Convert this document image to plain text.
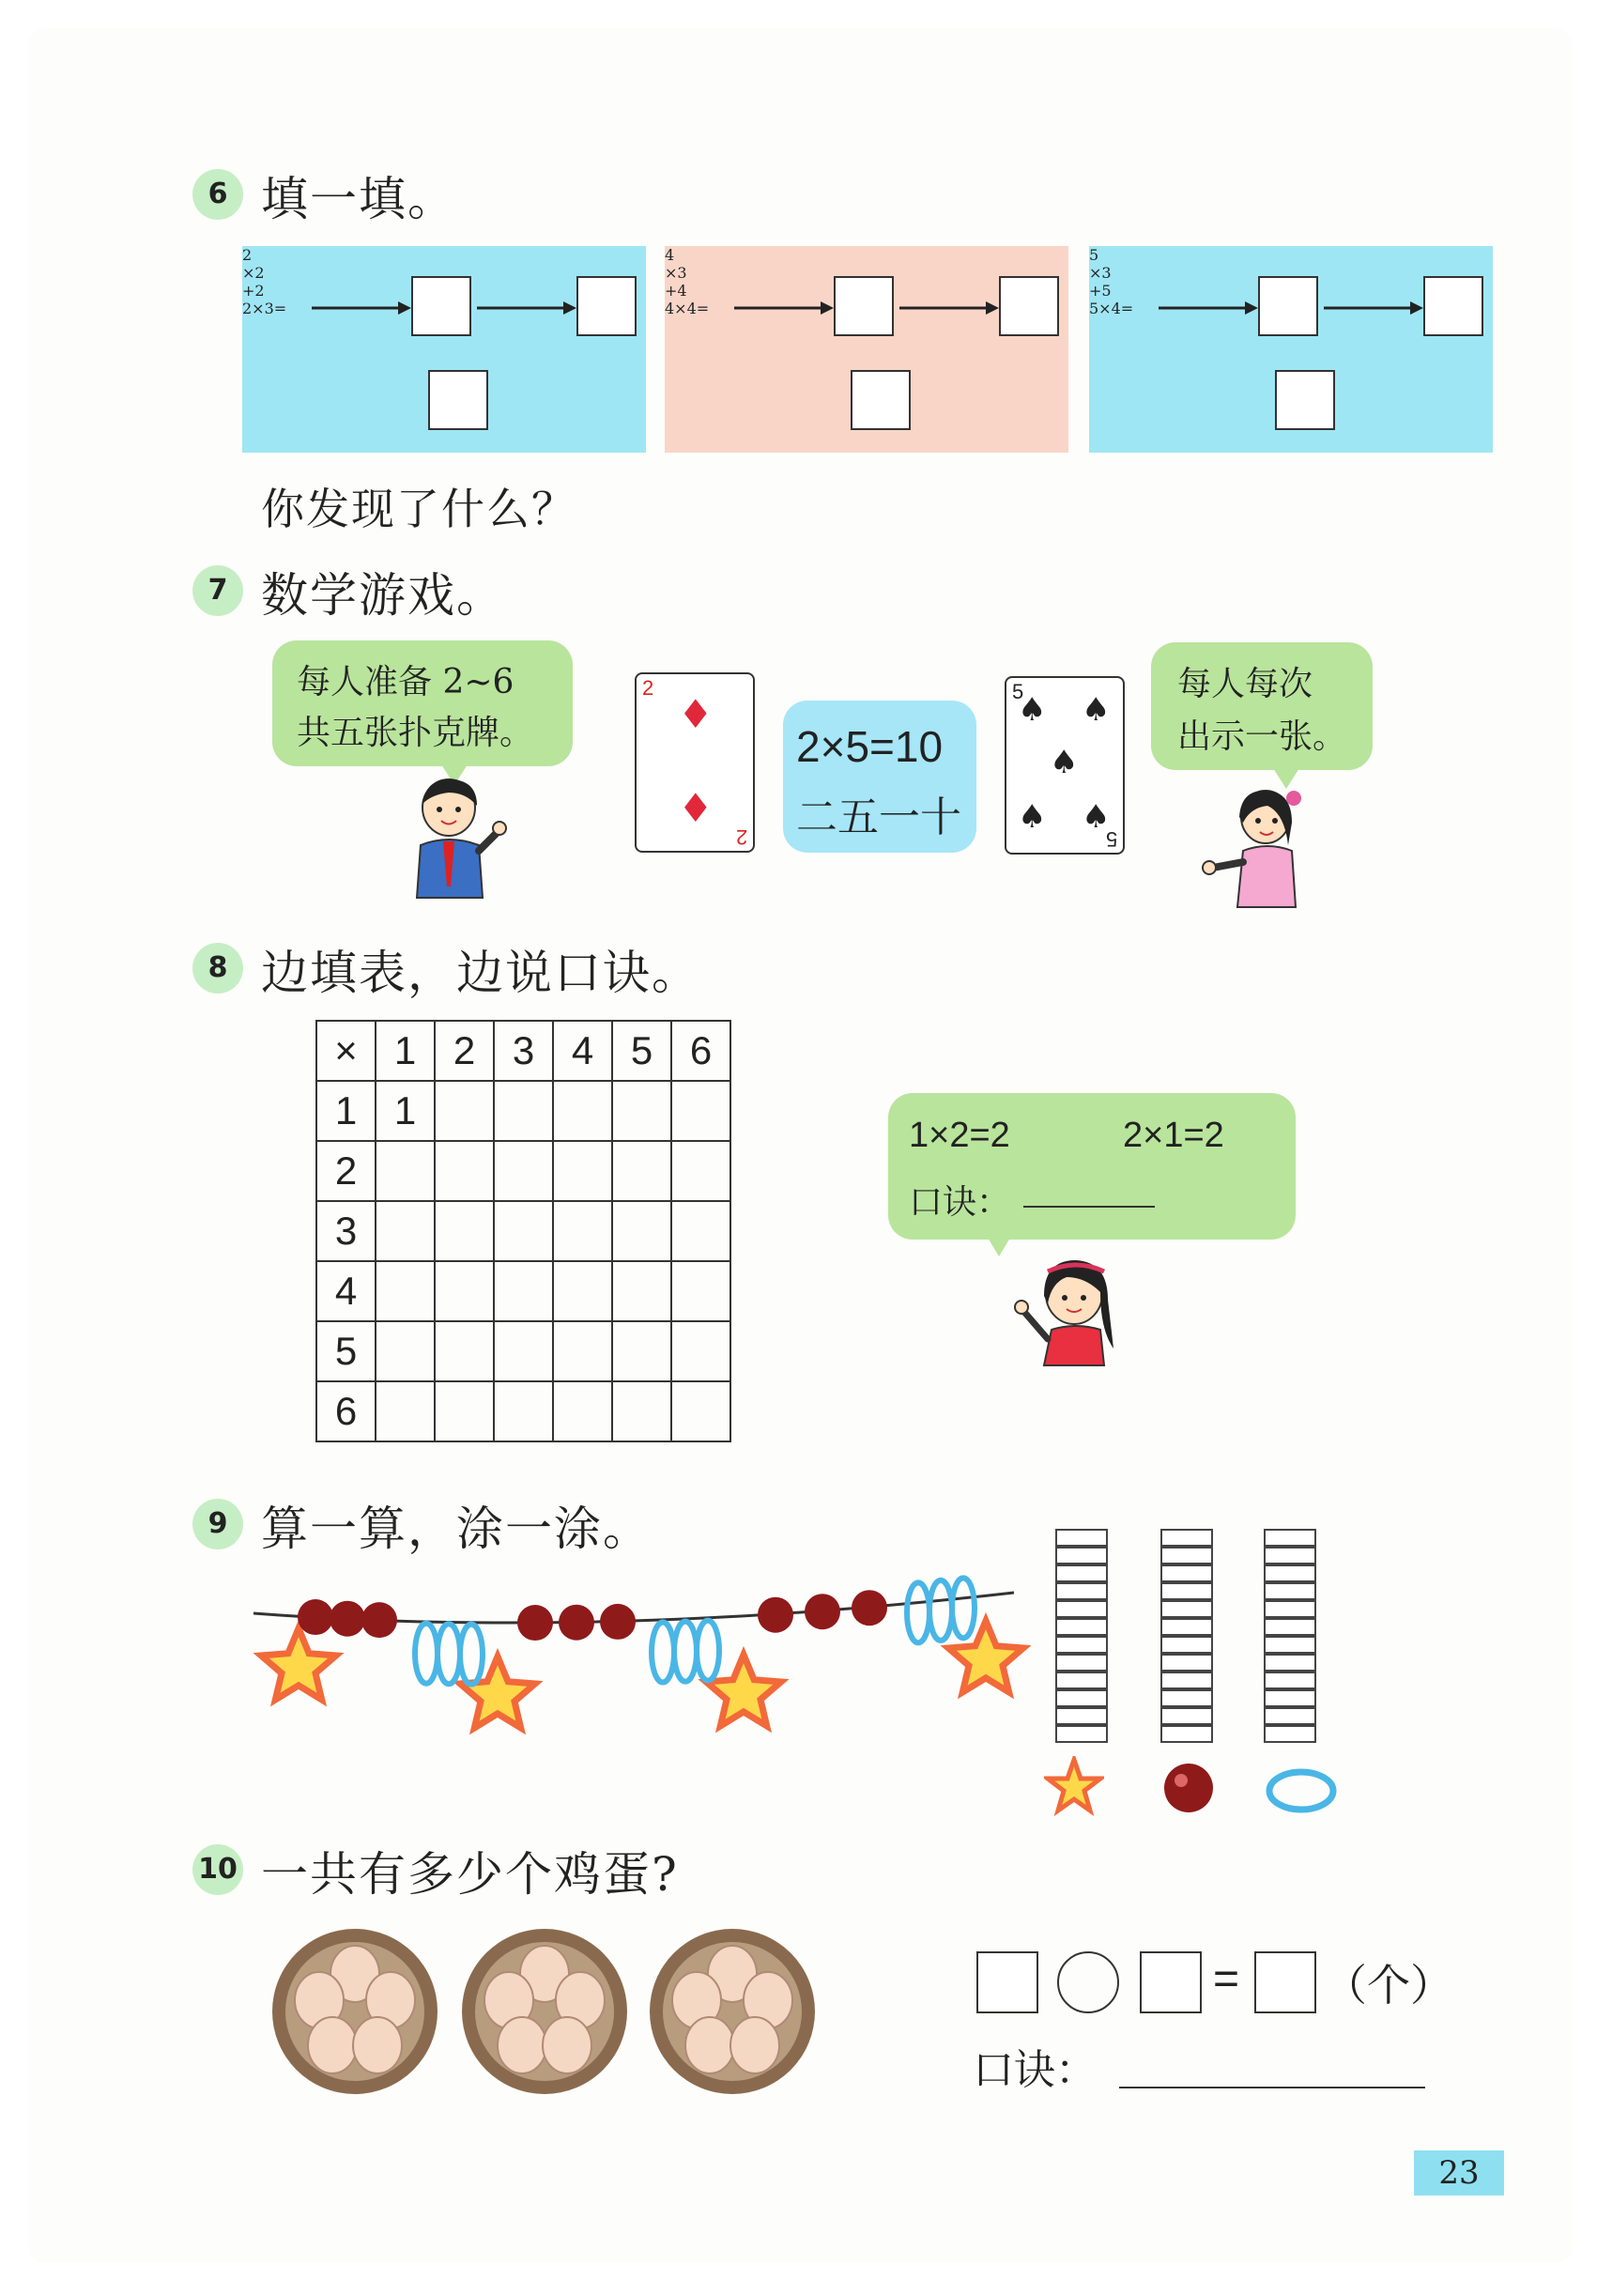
6 填一填。
2
×2
+2
2×3=
4
×3
+4
4×4=
5
×3
+5
5×4=
你发现了什么？
7 数学游戏。
每人准备 2~6
共五张扑克牌。
2
♦
♦
2
2×5=10
二五一十
5
♠ ♠
♠
♠ ♠
5
每人每次
出示一张。
8 边填表，边说口诀。
×	1	2	3	4	5	6
1	1					
2						
3						
4						
5						
6						
1×2=2	2×1=2
口诀：
9 算一算，涂一涂。
10 一共有多少个鸡蛋?
= （个）
口诀：
23
